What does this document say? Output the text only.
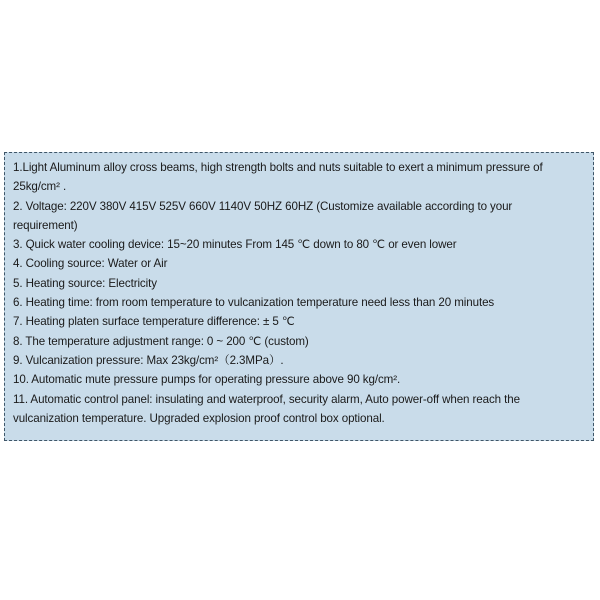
1.Light Aluminum alloy cross beams, high strength bolts and nuts suitable to exert a minimum pressure of
25kg/cm² .
2. Voltage: 220V 380V 415V 525V 660V 1140V 50HZ 60HZ (Customize available according to your
requirement)
3. Quick water cooling device: 15~20 minutes From 145 ℃ down to 80 ℃ or even lower
4. Cooling source: Water or Air
5. Heating source: Electricity
6. Heating time: from room temperature to vulcanization temperature need less than 20 minutes
7. Heating platen surface temperature difference: ± 5 ℃
8. The temperature adjustment range: 0 ~ 200 ℃ (custom)
9. Vulcanization pressure: Max 23kg/cm²（2.3MPa）.
10. Automatic mute pressure pumps for operating pressure above 90 kg/cm².
11. Automatic control panel: insulating and waterproof, security alarm, Auto power-off when reach the
vulcanization temperature. Upgraded explosion proof control box optional.
